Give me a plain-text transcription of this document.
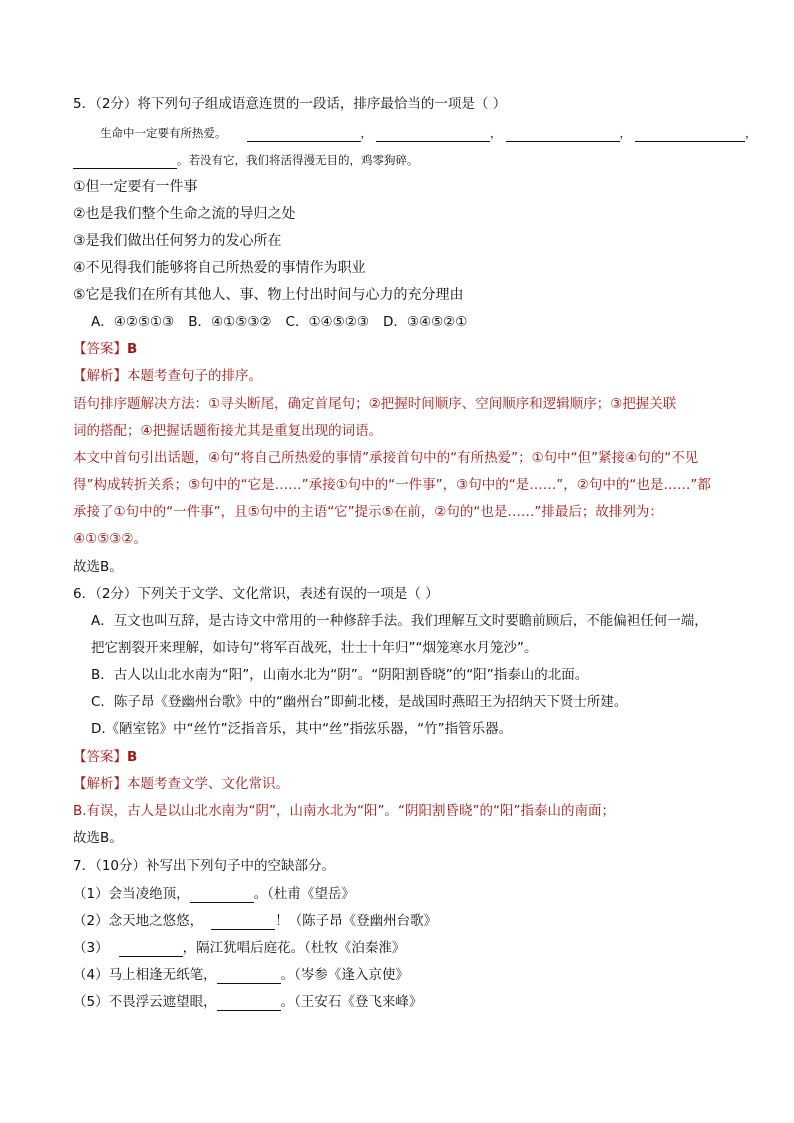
5．（2分）将下列句子组成语意连贯的一段话，排序最恰当的一项是（ ）
生命中一定要有所热爱。	，	，	，	，
。若没有它，我们将活得漫无目的，鸡零狗碎。
①但一定要有一件事
②也是我们整个生命之流的导归之处
③是我们做出任何努力的发心所在
④不见得我们能够将自己所热爱的事情作为职业
⑤它是我们在所有其他人、事、物上付出时间与心力的充分理由
A．④②⑤①③ B．④①⑤③② C．①④⑤②③ D．③④⑤②①
【答案】B
【解析】本题考查句子的排序。
语句排序题解决方法：①寻头断尾，确定首尾句；②把握时间顺序、空间顺序和逻辑顺序；③把握关联
词的搭配；④把握话题衔接尤其是重复出现的词语。
本文中首句引出话题，④句“将自己所热爱的事情”承接首句中的“有所热爱”；①句中“但”紧接④句的“不见
得”构成转折关系；⑤句中的“它是……”承接①句中的“一件事”，③句中的“是……”，②句中的“也是……”都
承接了①句中的“一件事”，且⑤句中的主语“它”提示⑤在前，②句的“也是……”排最后；故排列为：
④①⑤③②。
故选B。
6．（2分）下列关于文学、文化常识，表述有误的一项是（ ）
A．互文也叫互辞，是古诗文中常用的一种修辞手法。我们理解互文时要瞻前顾后，不能偏袒任何一端，
把它割裂开来理解，如诗句“将军百战死，壮士十年归”“烟笼寒水月笼沙”。
B．古人以山北水南为“阳”，山南水北为“阴”。“阴阳割昏晓”的“阳”指泰山的北面。
C．陈子昂《登幽州台歌》中的“幽州台”即蓟北楼，是战国时燕昭王为招纳天下贤士所建。
D.《陋室铭》中“丝竹”泛指音乐，其中“丝”指弦乐器，“竹”指管乐器。
【答案】B
【解析】本题考查文学、文化常识。
B.有误，古人是以山北水南为“阴”，山南水北为“阳”。“阴阳割昏晓”的“阳”指泰山的南面；
故选B。
7．（10分）补写出下列句子中的空缺部分。
（1）会当凌绝顶，	。（杜甫《望岳》
（2）念天地之悠悠，	！（陈子昂《登幽州台歌》
（3）	，隔江犹唱后庭花。（杜牧《泊秦淮》
（4）马上相逢无纸笔，	。（岑参《逢入京使》
（5）不畏浮云遮望眼，	。（王安石《登飞来峰》
